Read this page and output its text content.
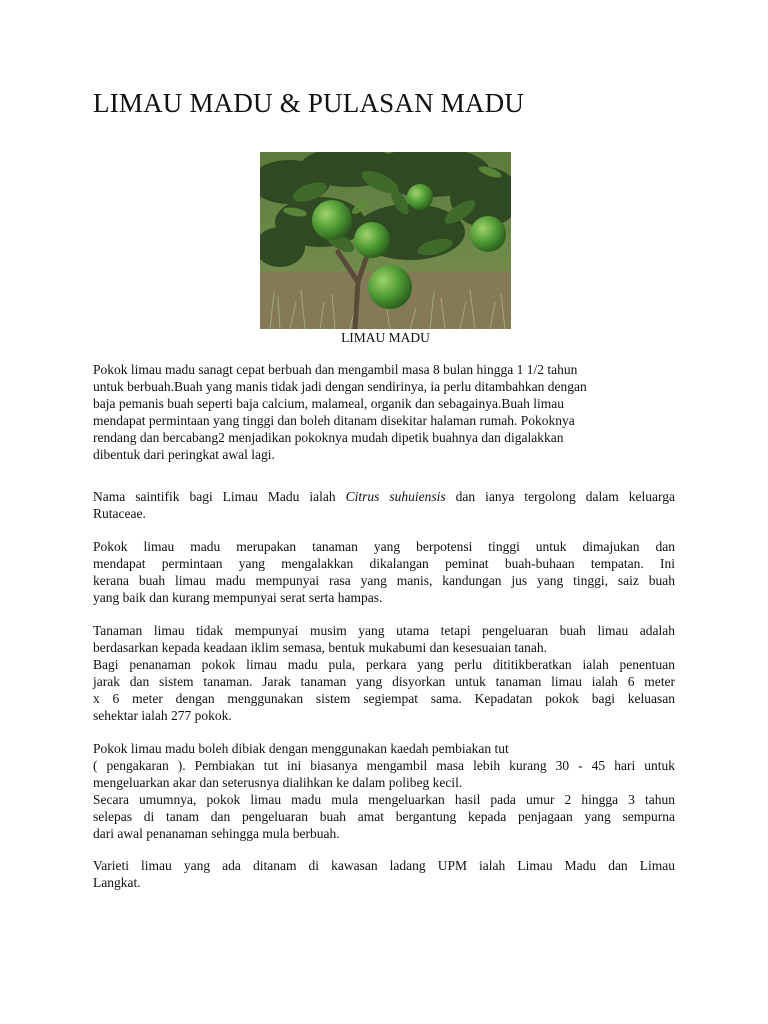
LIMAU MADU & PULASAN MADU
LIMAU MADU

Pokok limau madu sanagt cepat berbuah dan mengambil masa 8 bulan hingga 1 1/2 tahun
untuk berbuah.Buah yang manis tidak jadi dengan sendirinya, ia perlu ditambahkan dengan
baja pemanis buah seperti baja calcium, malameal, organik dan sebagainya.Buah limau
mendapat permintaan yang tinggi dan boleh ditanam disekitar halaman rumah. Pokoknya
rendang dan bercabang2 menjadikan pokoknya mudah dipetik buahnya dan digalakkan
dibentuk dari peringkat awal lagi.

Nama saintifik bagi Limau Madu ialah Citrus suhuiensis dan ianya tergolong dalam keluarga
Rutaceae.

Pokok limau madu merupakan tanaman yang berpotensi tinggi untuk dimajukan dan
mendapat permintaan yang mengalakkan dikalangan peminat buah-buhaan tempatan. Ini
kerana buah limau madu mempunyai rasa yang manis, kandungan jus yang tinggi, saiz buah
yang baik dan kurang mempunyai serat serta hampas.

Tanaman limau tidak mempunyai musim yang utama tetapi pengeluaran buah limau adalah
berdasarkan kepada keadaan iklim semasa, bentuk mukabumi dan kesesuaian tanah.
Bagi penanaman pokok limau madu pula, perkara yang perlu dititikberatkan ialah penentuan
jarak dan sistem tanaman. Jarak tanaman yang disyorkan untuk tanaman limau ialah 6 meter
x 6 meter dengan menggunakan sistem segiempat sama. Kepadatan pokok bagi keluasan
sehektar ialah 277 pokok.

Pokok limau madu boleh dibiak dengan menggunakan kaedah pembiakan tut
( pengakaran ). Pembiakan tut ini biasanya mengambil masa lebih kurang 30 - 45 hari untuk
mengeluarkan akar dan seterusnya dialihkan ke dalam polibeg kecil.
Secara umumnya, pokok limau madu mula mengeluarkan hasil pada umur 2 hingga 3 tahun
selepas di tanam dan pengeluaran buah amat bergantung kepada penjagaan yang sempurna
dari awal penanaman sehingga mula berbuah.

Varieti limau yang ada ditanam di kawasan ladang UPM ialah Limau Madu dan Limau
Langkat.
